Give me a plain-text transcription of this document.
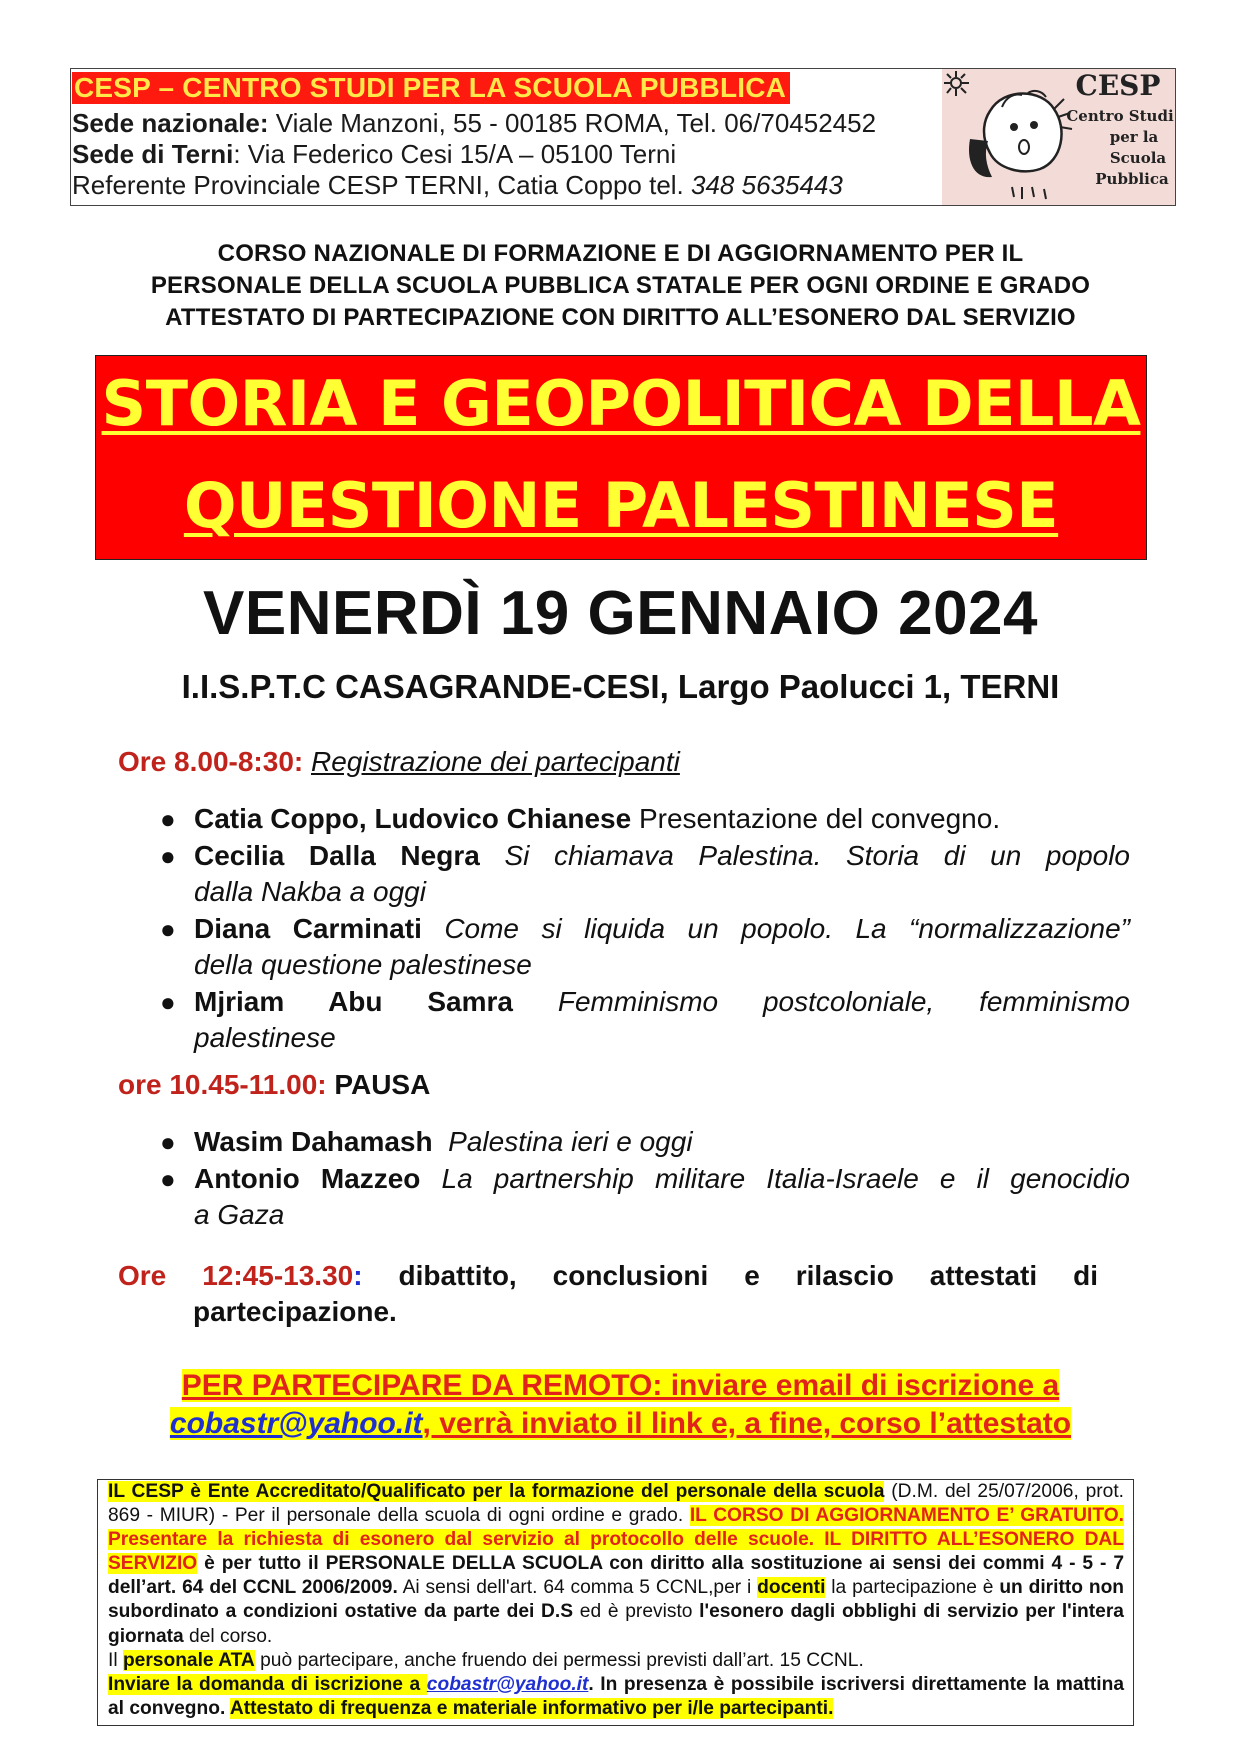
CESP – CENTRO STUDI PER LA SCUOLA PUBBLICA
Sede nazionale: Viale Manzoni, 55 - 00185 ROMA, Tel. 06/70452452
Sede di Terni: Via Federico Cesi 15/A – 05100 Terni
Referente Provinciale CESP TERNI, Catia Coppo tel. 348 5635443
CESP
Centro Studi
per la
Scuola
Pubblica
CORSO NAZIONALE DI FORMAZIONE E DI AGGIORNAMENTO PER IL
PERSONALE DELLA SCUOLA PUBBLICA STATALE PER OGNI ORDINE E GRADO
ATTESTATO DI PARTECIPAZIONE CON DIRITTO ALL’ESONERO DAL SERVIZIO
STORIA E GEOPOLITICA DELLA
QUESTIONE PALESTINESE
VENERDÌ 19 GENNAIO 2024
I.I.S.P.T.C CASAGRANDE-CESI, Largo Paolucci 1, TERNI
Ore 8.00-8:30: Registrazione dei partecipanti
● Catia Coppo, Ludovico Chianese Presentazione del convegno.
● Cecilia Dalla Negra Si chiamava Palestina. Storia di un popolo
dalla Nakba a oggi
● Diana Carminati Come si liquida un popolo. La “normalizzazione”
della questione palestinese
● Mjriam Abu Samra Femminismo postcoloniale, femminismo
palestinese
ore 10.45-11.00: PAUSA
● Wasim Dahamash Palestina ieri e oggi
● Antonio Mazzeo La partnership militare Italia-Israele e il genocidio
a Gaza
Ore 12:45-13.30: dibattito, conclusioni e rilascio attestati di
partecipazione.
PER PARTECIPARE DA REMOTO: inviare email di iscrizione a
cobastr@yahoo.it, verrà inviato il link e, a fine, corso l’attestato
IL CESP è Ente Accreditato/Qualificato per la formazione del personale della scuola (D.M. del 25/07/2006, prot. 869 - MIUR) - Per il personale della scuola di ogni ordine e grado. IL CORSO DI AGGIORNAMENTO E’ GRATUITO. Presentare la richiesta di esonero dal servizio al protocollo delle scuole. IL DIRITTO ALL’ESONERO DAL SERVIZIO è per tutto il PERSONALE DELLA SCUOLA con diritto alla sostituzione ai sensi dei commi 4 - 5 - 7 dell’art. 64 del CCNL 2006/2009. Ai sensi dell'art. 64 comma 5 CCNL,per i docenti la partecipazione è un diritto non subordinato a condizioni ostative da parte dei D.S ed è previsto l'esonero dagli obblighi di servizio per l'intera giornata del corso.
Il personale ATA può partecipare, anche fruendo dei permessi previsti dall’art. 15 CCNL.
Inviare la domanda di iscrizione a cobastr@yahoo.it. In presenza è possibile iscriversi direttamente la mattina al convegno. Attestato di frequenza e materiale informativo per i/le partecipanti.
